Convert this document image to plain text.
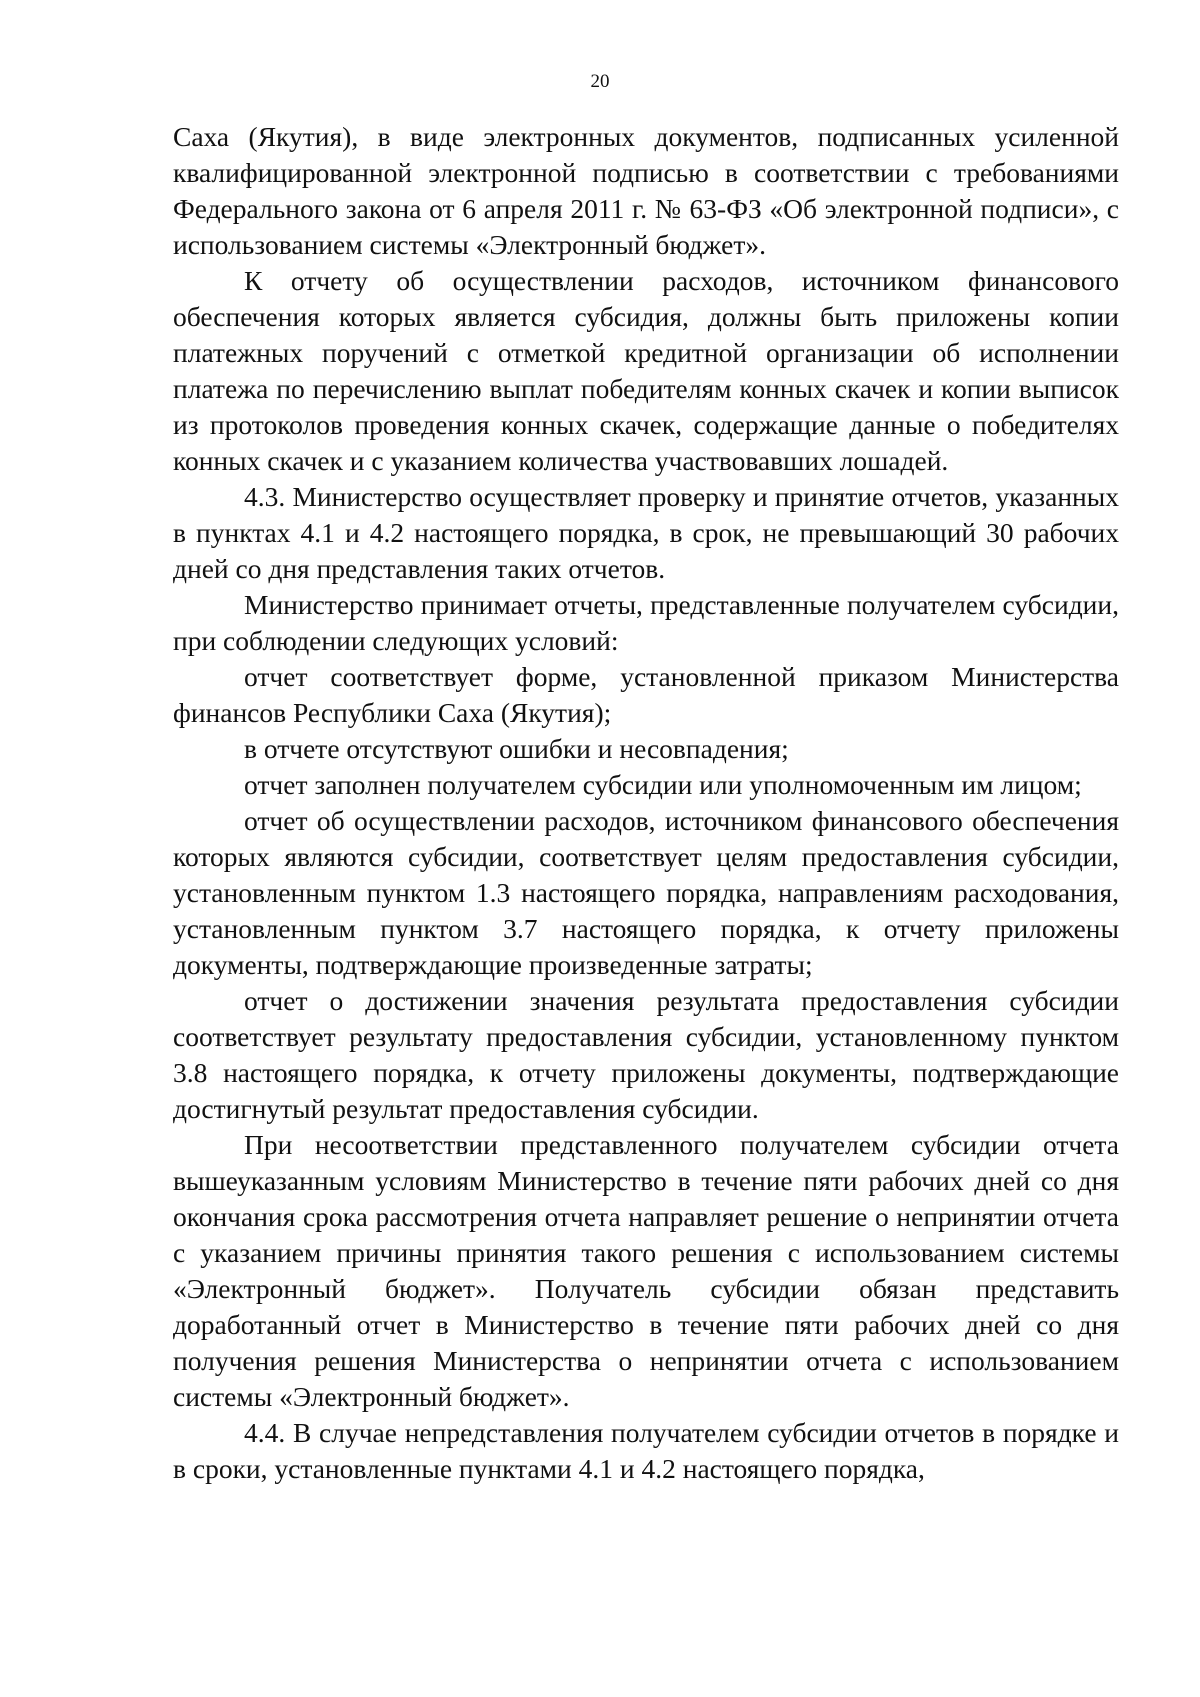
20

Саха (Якутия), в виде электронных документов, подписанных усиленной квалифицированной электронной подписью в соответствии с требованиями Федерального закона от 6 апреля 2011 г. № 63-ФЗ «Об электронной подписи», с использованием системы «Электронный бюджет».

К отчету об осуществлении расходов, источником финансового обеспечения которых является субсидия, должны быть приложены копии платежных поручений с отметкой кредитной организации об исполнении платежа по перечислению выплат победителям конных скачек и копии выписок из протоколов проведения конных скачек, содержащие данные о победителях конных скачек и с указанием количества участвовавших лошадей.

4.3. Министерство осуществляет проверку и принятие отчетов, указанных в пунктах 4.1 и 4.2 настоящего порядка, в срок, не превышающий 30 рабочих дней со дня представления таких отчетов.

Министерство принимает отчеты, представленные получателем субсидии, при соблюдении следующих условий:

отчет соответствует форме, установленной приказом Министерства финансов Республики Саха (Якутия);

в отчете отсутствуют ошибки и несовпадения;

отчет заполнен получателем субсидии или уполномоченным им лицом;

отчет об осуществлении расходов, источником финансового обеспечения которых являются субсидии, соответствует целям предоставления субсидии, установленным пунктом 1.3 настоящего порядка, направлениям расходования, установленным пунктом 3.7 настоящего порядка, к отчету приложены документы, подтверждающие произведенные затраты;

отчет о достижении значения результата предоставления субсидии соответствует результату предоставления субсидии, установленному пунктом 3.8 настоящего порядка, к отчету приложены документы, подтверждающие достигнутый результат предоставления субсидии.

При несоответствии представленного получателем субсидии отчета вышеуказанным условиям Министерство в течение пяти рабочих дней со дня окончания срока рассмотрения отчета направляет решение о непринятии отчета с указанием причины принятия такого решения с использованием системы «Электронный бюджет». Получатель субсидии обязан представить доработанный отчет в Министерство в течение пяти рабочих дней со дня получения решения Министерства о непринятии отчета с использованием системы «Электронный бюджет».

4.4. В случае непредставления получателем субсидии отчетов в порядке и в сроки, установленные пунктами 4.1 и 4.2 настоящего порядка,
